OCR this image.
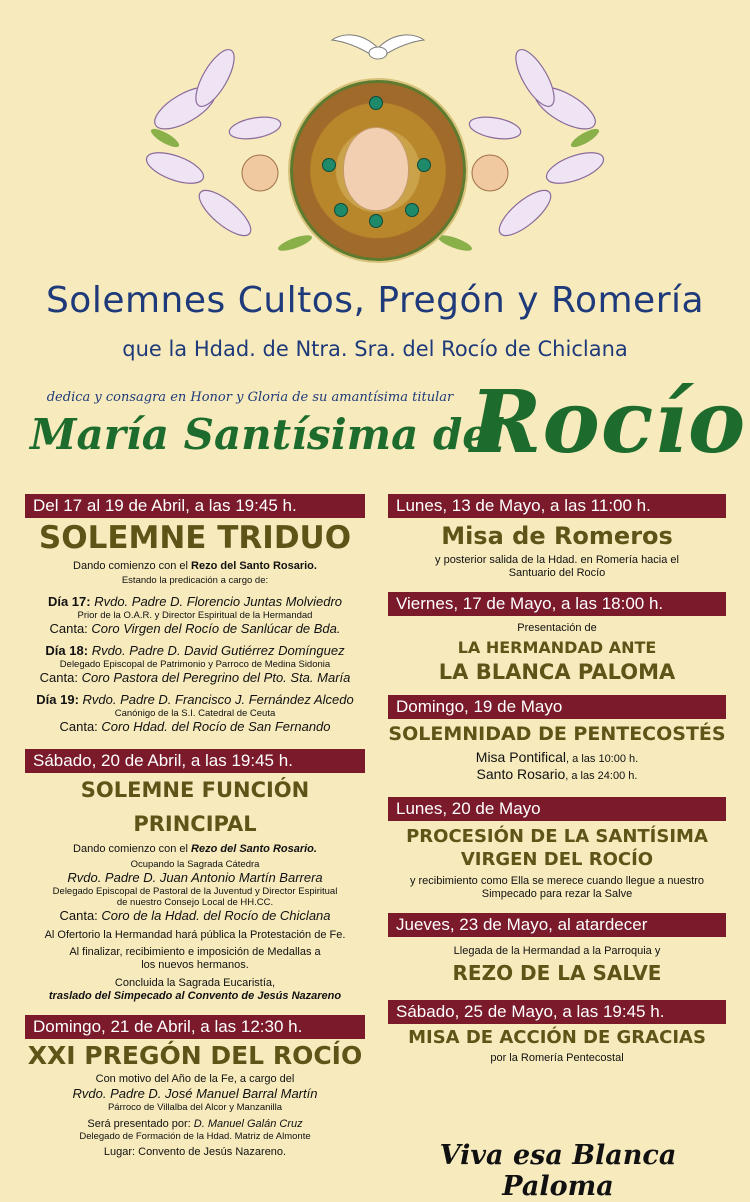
Solemnes Cultos, Pregón y Romería
que la Hdad. de Ntra. Sra. del Rocío de Chiclana
dedica y consagra en Honor y Gloria de su amantísima titular
María Santísima del
Rocío
Del 17 al 19 de Abril, a las 19:45 h.
SOLEMNE TRIDUO
Dando comienzo con el Rezo del Santo Rosario.
Estando la predicación a cargo de:
Día 17: Rvdo. Padre D. Florencio Juntas Molviedro
Prior de la O.A.R. y Director Espiritual de la Hermandad
Canta: Coro Virgen del Rocío de Sanlúcar de Bda.
Día 18: Rvdo. Padre D. David Gutiérrez Domínguez
Delegado Episcopal de Patrimonio y Parroco de Medina Sidonia
Canta: Coro Pastora del Peregrino del Pto. Sta. María
Día 19: Rvdo. Padre D. Francisco J. Fernández Alcedo
Canónigo de la S.I. Catedral de Ceuta
Canta: Coro Hdad. del Rocío de San Fernando
Sábado, 20 de Abril, a las 19:45 h.
SOLEMNE FUNCIÓN PRINCIPAL
Dando comienzo con el Rezo del Santo Rosario.
Ocupando la Sagrada Cátedra
Rvdo. Padre D. Juan Antonio Martín Barrera
Delegado Episcopal de Pastoral de la Juventud y Director Espiritual
de nuestro Consejo Local de HH.CC.
Canta: Coro de la Hdad. del Rocío de Chiclana
Al Ofertorio la Hermandad hará pública la Protestación de Fe.
Al finalizar, recibimiento e imposición de Medallas a
los nuevos hermanos.
Concluida la Sagrada Eucaristía,
traslado del Simpecado al Convento de Jesús Nazareno
Domingo, 21 de Abril, a las 12:30 h.
XXI PREGÓN DEL ROCÍO
Con motivo del Año de la Fe, a cargo del
Rvdo. Padre D. José Manuel Barral Martín
Párroco de Villalba del Alcor y Manzanilla
Será presentado por: D. Manuel Galán Cruz
Delegado de Formación de la Hdad. Matriz de Almonte
Lugar: Convento de Jesús Nazareno.
Lunes, 13 de Mayo, a las 11:00 h.
Misa de Romeros
y posterior salida de la Hdad. en Romería hacia el
Santuario del Rocío
Viernes, 17 de Mayo, a las 18:00 h.
Presentación de
LA HERMANDAD ANTE
LA BLANCA PALOMA
Domingo, 19 de Mayo
SOLEMNIDAD DE PENTECOSTÉS
Misa Pontifical, a las 10:00 h.
Santo Rosario, a las 24:00 h.
Lunes, 20 de Mayo
PROCESIÓN DE LA SANTÍSIMA
VIRGEN DEL ROCÍO
y recibimiento como Ella se merece cuando llegue a nuestro
Simpecado para rezar la Salve
Jueves, 23 de Mayo, al atardecer
Llegada de la Hermandad a la Parroquia y
REZO DE LA SALVE
Sábado, 25 de Mayo, a las 19:45 h.
MISA DE ACCIÓN DE GRACIAS
por la Romería Pentecostal
Viva esa Blanca Paloma
